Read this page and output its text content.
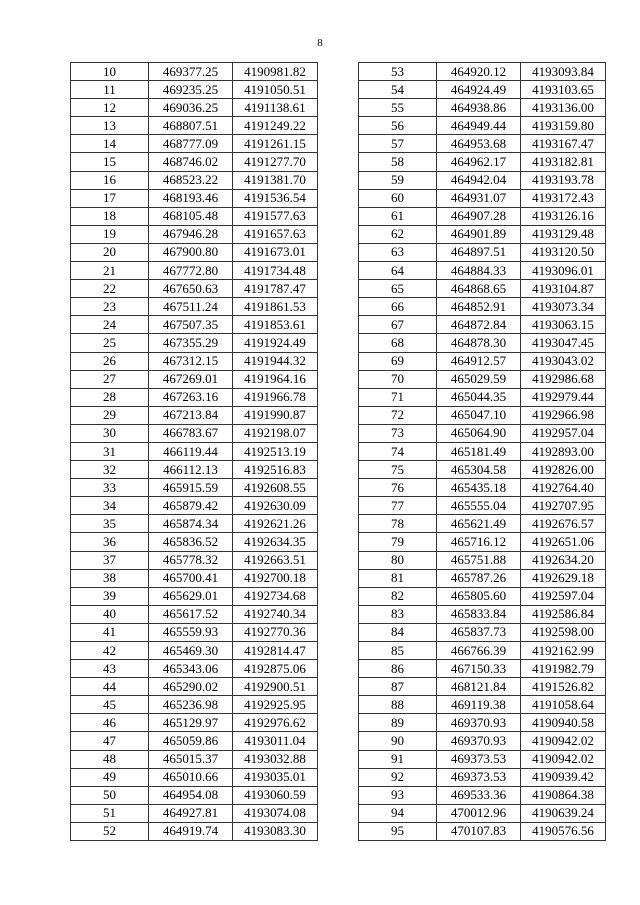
8
10	469377.25	4190981.82
11	469235.25	4191050.51
12	469036.25	4191138.61
13	468807.51	4191249.22
14	468777.09	4191261.15
15	468746.02	4191277.70
16	468523.22	4191381.70
17	468193.46	4191536.54
18	468105.48	4191577.63
19	467946.28	4191657.63
20	467900.80	4191673.01
21	467772.80	4191734.48
22	467650.63	4191787.47
23	467511.24	4191861.53
24	467507.35	4191853.61
25	467355.29	4191924.49
26	467312.15	4191944.32
27	467269.01	4191964.16
28	467263.16	4191966.78
29	467213.84	4191990.87
30	466783.67	4192198.07
31	466119.44	4192513.19
32	466112.13	4192516.83
33	465915.59	4192608.55
34	465879.42	4192630.09
35	465874.34	4192621.26
36	465836.52	4192634.35
37	465778.32	4192663.51
38	465700.41	4192700.18
39	465629.01	4192734.68
40	465617.52	4192740.34
41	465559.93	4192770.36
42	465469.30	4192814.47
43	465343.06	4192875.06
44	465290.02	4192900.51
45	465236.98	4192925.95
46	465129.97	4192976.62
47	465059.86	4193011.04
48	465015.37	4193032.88
49	465010.66	4193035.01
50	464954.08	4193060.59
51	464927.81	4193074.08
52	464919.74	4193083.30
53	464920.12	4193093.84
54	464924.49	4193103.65
55	464938.86	4193136.00
56	464949.44	4193159.80
57	464953.68	4193167.47
58	464962.17	4193182.81
59	464942.04	4193193.78
60	464931.07	4193172.43
61	464907.28	4193126.16
62	464901.89	4193129.48
63	464897.51	4193120.50
64	464884.33	4193096.01
65	464868.65	4193104.87
66	464852.91	4193073.34
67	464872.84	4193063.15
68	464878.30	4193047.45
69	464912.57	4193043.02
70	465029.59	4192986.68
71	465044.35	4192979.44
72	465047.10	4192966.98
73	465064.90	4192957.04
74	465181.49	4192893.00
75	465304.58	4192826.00
76	465435.18	4192764.40
77	465555.04	4192707.95
78	465621.49	4192676.57
79	465716.12	4192651.06
80	465751.88	4192634.20
81	465787.26	4192629.18
82	465805.60	4192597.04
83	465833.84	4192586.84
84	465837.73	4192598.00
85	466766.39	4192162.99
86	467150.33	4191982.79
87	468121.84	4191526.82
88	469119.38	4191058.64
89	469370.93	4190940.58
90	469370.93	4190942.02
91	469373.53	4190942.02
92	469373.53	4190939.42
93	469533.36	4190864.38
94	470012.96	4190639.24
95	470107.83	4190576.56
